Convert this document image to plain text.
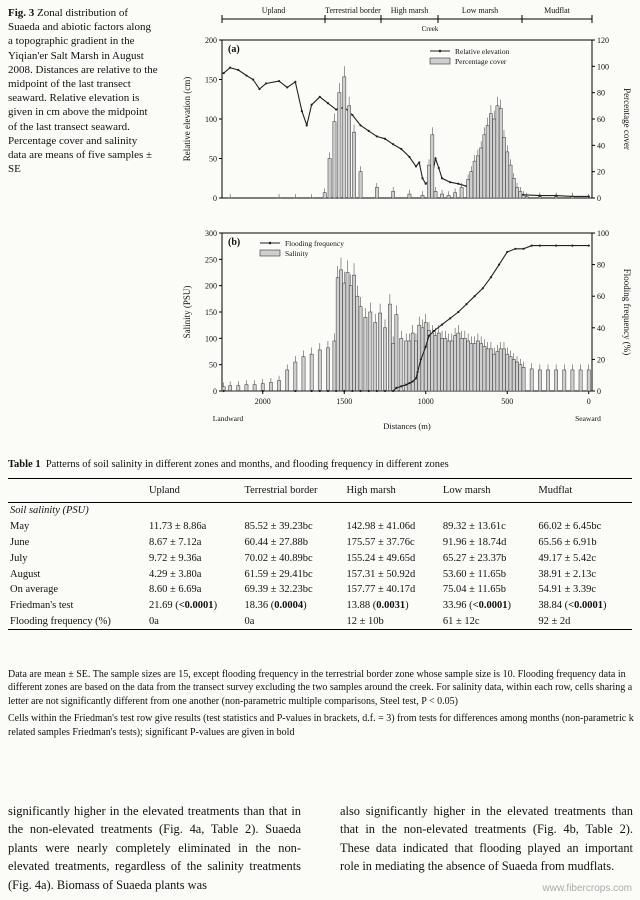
Fig. 3 Zonal distribution of Suaeda and abiotic factors along a topographic gradient in the Yiqian'er Salt Marsh in August 2008. Distances are relative to the midpoint of the last transect seaward. Relative elevation is given in cm above the midpoint of the last transect seaward. Percentage cover and salinity data are means of five samples ± SE
Upland	Terrestrial border High marsh	Low marsh	Mudflat
Creek
0
50
100
150
200
0
20
40
60
80
100
120
(a)
Relative elevation (cm)	Percentage cover
Relative elevation
Percentage cover
0
50
100
150
200
250
300
0
20
40
60
80
100
(b)
Salinity (PSU)	Flooding frequency (%)
Flooding frequency
Salinity
2000	1500	1000	500	0
Landward	Seaward
Distances (m)
Table 1 Patterns of soil salinity in different zones and months, and flooding frequency in different zones
	Upland	Terrestrial border	High marsh	Low marsh	Mudflat
Soil salinity (PSU)					
May	11.73 ± 8.86a	85.52 ± 39.23bc	142.98 ± 41.06d	89.32 ± 13.61c	66.02 ± 6.45bc
June	8.67 ± 7.12a	60.44 ± 27.88b	175.57 ± 37.76c	91.96 ± 18.74d	65.56 ± 6.91b
July	9.72 ± 9.36a	70.02 ± 40.89bc	155.24 ± 49.65d	65.27 ± 23.37b	49.17 ± 5.42c
August	4.29 ± 3.80a	61.59 ± 29.41bc	157.31 ± 50.92d	53.60 ± 11.65b	38.91 ± 2.13c
On average	8.60 ± 6.69a	69.39 ± 32.23bc	157.77 ± 40.17d	75.04 ± 11.65b	54.91 ± 3.39c
Friedman's test	21.69 (<0.0001)	18.36 (0.0004)	13.88 (0.0031)	33.96 (<0.0001)	38.84 (<0.0001)
Flooding frequency (%)	0a	0a	12 ± 10b	61 ± 12c	92 ± 2d

Data are mean ± SE. The sample sizes are 15, except flooding frequency in the terrestrial border zone whose sample size is 10. Flooding frequency data in different zones are based on the data from the transect survey excluding the two samples around the creek. For salinity data, within each row, cells sharing a letter are not significantly different from one another (non-parametric multiple comparisons, Steel test, P < 0.05)

Cells within the Friedman's test row give results (test statistics and P-values in brackets, d.f. = 3) from tests for differences among months (non-parametric k related samples Friedman's tests); significant P-values are given in bold

significantly higher in the elevated treatments than that in the non-elevated treatments (Fig. 4a, Table 2). Suaeda plants were nearly completely eliminated in the non-elevated treatments, regardless of the salinity treatments (Fig. 4a). Biomass of Suaeda plants was
also significantly higher in the elevated treatments than that in the non-elevated treatments (Fig. 4b, Table 2). These data indicated that flooding played an important role in mediating the absence of Suaeda from mudflats.
www.fibercrops.com
